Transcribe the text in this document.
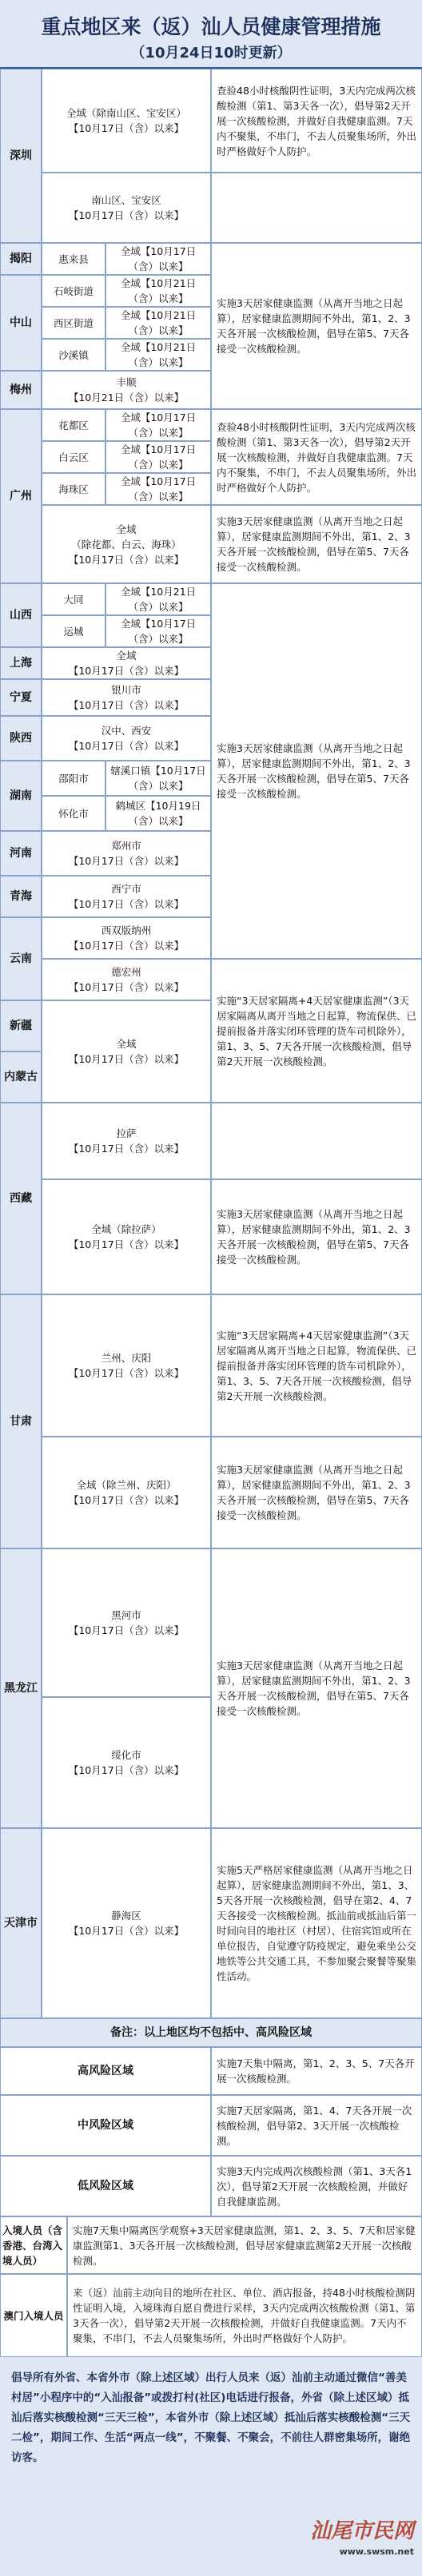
重点地区来（返）汕人员健康管理措施
（10月24日10时更新）
深圳
全域（除南山区、宝安区）
【10月17日（含）以来】
查验48小时核酸阴性证明，3天内完成两次核酸检测（第1、第3天各一次），倡导第2天开展一次核酸检测，并做好自我健康监测。7天内不聚集，不串门，不去人员聚集场所，外出时严格做好个人防护。
南山区、宝安区
【10月17日（含）以来】
揭阳	惠来县
全域【10月17日（含）以来】
实施3天居家健康监测（从离开当地之日起算），居家健康监测期间不外出，第1、2、3天各开展一次核酸检测，倡导在第5、7天各接受一次核酸检测。
中山
石岐街道
全域【10月21日（含）以来】
西区街道
全域【10月21日（含）以来】
沙溪镇
全域【10月21日（含）以来】
梅州
丰顺
【10月21日（含）以来】
广州
花都区
全域【10月17日（含）以来】	查验48小时核酸阴性证明，3天内完成两次核酸检测（第1、第3天各一次），倡导第2天开展一次核酸检测，并做好自我健康监测。7天内不聚集，不串门，不去人员聚集场所，外出时严格做好个人防护。
白云区
全域【10月17日（含）以来】
海珠区
全域【10月17日（含）以来】
全域
（除花都、白云、海珠）
【10月17日（含）以来】
实施3天居家健康监测（从离开当地之日起算），居家健康监测期间不外出，第1、2、3天各开展一次核酸检测，倡导在第5、7天各接受一次核酸检测。
山西
大同
全域【10月21日（含）以来】
实施3天居家健康监测（从离开当地之日起算），居家健康监测期间不外出，第1、2、3天各开展一次核酸检测，倡导在第5、7天各接受一次核酸检测。
运城
全域【10月17日（含）以来】
上海
全域
【10月17日（含）以来】
宁夏
银川市
【10月17日（含）以来】
陕西
汉中、西安
【10月17日（含）以来】
湖南
邵阳市
辖溪口镇【10月17日（含）以来】
怀化市
鹤城区【10月19日（含）以来】
河南
郑州市
【10月17日（含）以来】
青海
西宁市
【10月17日（含）以来】
云南
西双版纳州
【10月17日（含）以来】
德宏州
【10月17日（含）以来】
实施“3天居家隔离+4天居家健康监测”（3天居家隔离从离开当地之日起算，物流保供、已提前报备并落实闭环管理的货车司机除外），第1、3、5、7天各开展一次核酸检测，倡导第2天开展一次核酸检测。
新疆
内蒙古
全域
【10月17日（含）以来】
西藏
拉萨
【10月17日（含）以来】
全域（除拉萨）
【10月17日（含）以来】
实施3天居家健康监测（从离开当地之日起算），居家健康监测期间不外出，第1、2、3天各开展一次核酸检测，倡导在第5、7天各接受一次核酸检测。
甘肃
兰州、庆阳
【10月17日（含）以来】
实施“3天居家隔离+4天居家健康监测”（3天居家隔离从离开当地之日起算，物流保供、已提前报备并落实闭环管理的货车司机除外），第1、3、5、7天各开展一次核酸检测，倡导第2天开展一次核酸检测。
全域（除兰州、庆阳）
【10月17日（含）以来】
实施3天居家健康监测（从离开当地之日起算），居家健康监测期间不外出，第1、2、3天各开展一次核酸检测，倡导在第5、7天各接受一次核酸检测。
黑龙江
黑河市
【10月17日（含）以来】
实施3天居家健康监测（从离开当地之日起算），居家健康监测期间不外出，第1、2、3天各开展一次核酸检测，倡导在第5、7天各接受一次核酸检测。
绥化市
【10月17日（含）以来】
天津市
静海区
【10月17日（含）以来】
实施5天严格居家健康监测（从离开当地之日起算），居家健康监测期间不外出，第1、3、5天各开展一次核酸检测，倡导在第2、4、7天各接受一次核酸检测。抵汕前或抵汕后第一时间向目的地社区（村居）、住宿宾馆或所在单位报告，自觉遵守防疫规定，避免乘坐公交地铁等公共交通工具，不参加聚会聚餐等聚集性活动。
备注：以上地区均不包括中、高风险区域
高风险区域
实施7天集中隔离，第1、2、3、5、7天各开展一次核酸检测。
中风险区域
实施7天居家隔离，第1、4、7天各开展一次核酸检测，倡导第2、3天开展一次核酸检测。
低风险区域
实施3天内完成两次核酸检测（第1、3天各1次），倡导第2天开展一次核酸检测，并做好自我健康监测。
入境人员（含香港、台湾入境人员）
实施7天集中隔离医学观察+3天居家健康监测，第1、2、3、5、7天和居家健康监测第1、3天各开展一次核酸检测，倡导居家健康监测第2天开展一次核酸检测。
澳门入境人员
来（返）汕前主动向目的地所在社区、单位、酒店报备，持48小时核酸检测阴性证明入境，入境珠海自愿自费进行采样，3天内完成两次核酸检测（第1、第3天各一次），倡导第2天开展一次核酸检测，并做好自我健康监测。7天内不聚集，不串门，不去人员聚集场所，外出时严格做好个人防护。
倡导所有外省、本省外市（除上述区域）出行人员来（返）汕前主动通过微信“善美村居”小程序中的“入汕报备”或拨打村(社区)电话进行报备，外省（除上述区域）抵汕后落实核酸检测“三天三检”，本省外市（除上述区域）抵汕后落实核酸检测“三天二检”，期间工作、生活“两点一线”，不聚餐、不聚会，不前往人群密集场所，谢绝访客。
汕尾市民网
www.swsm.net
